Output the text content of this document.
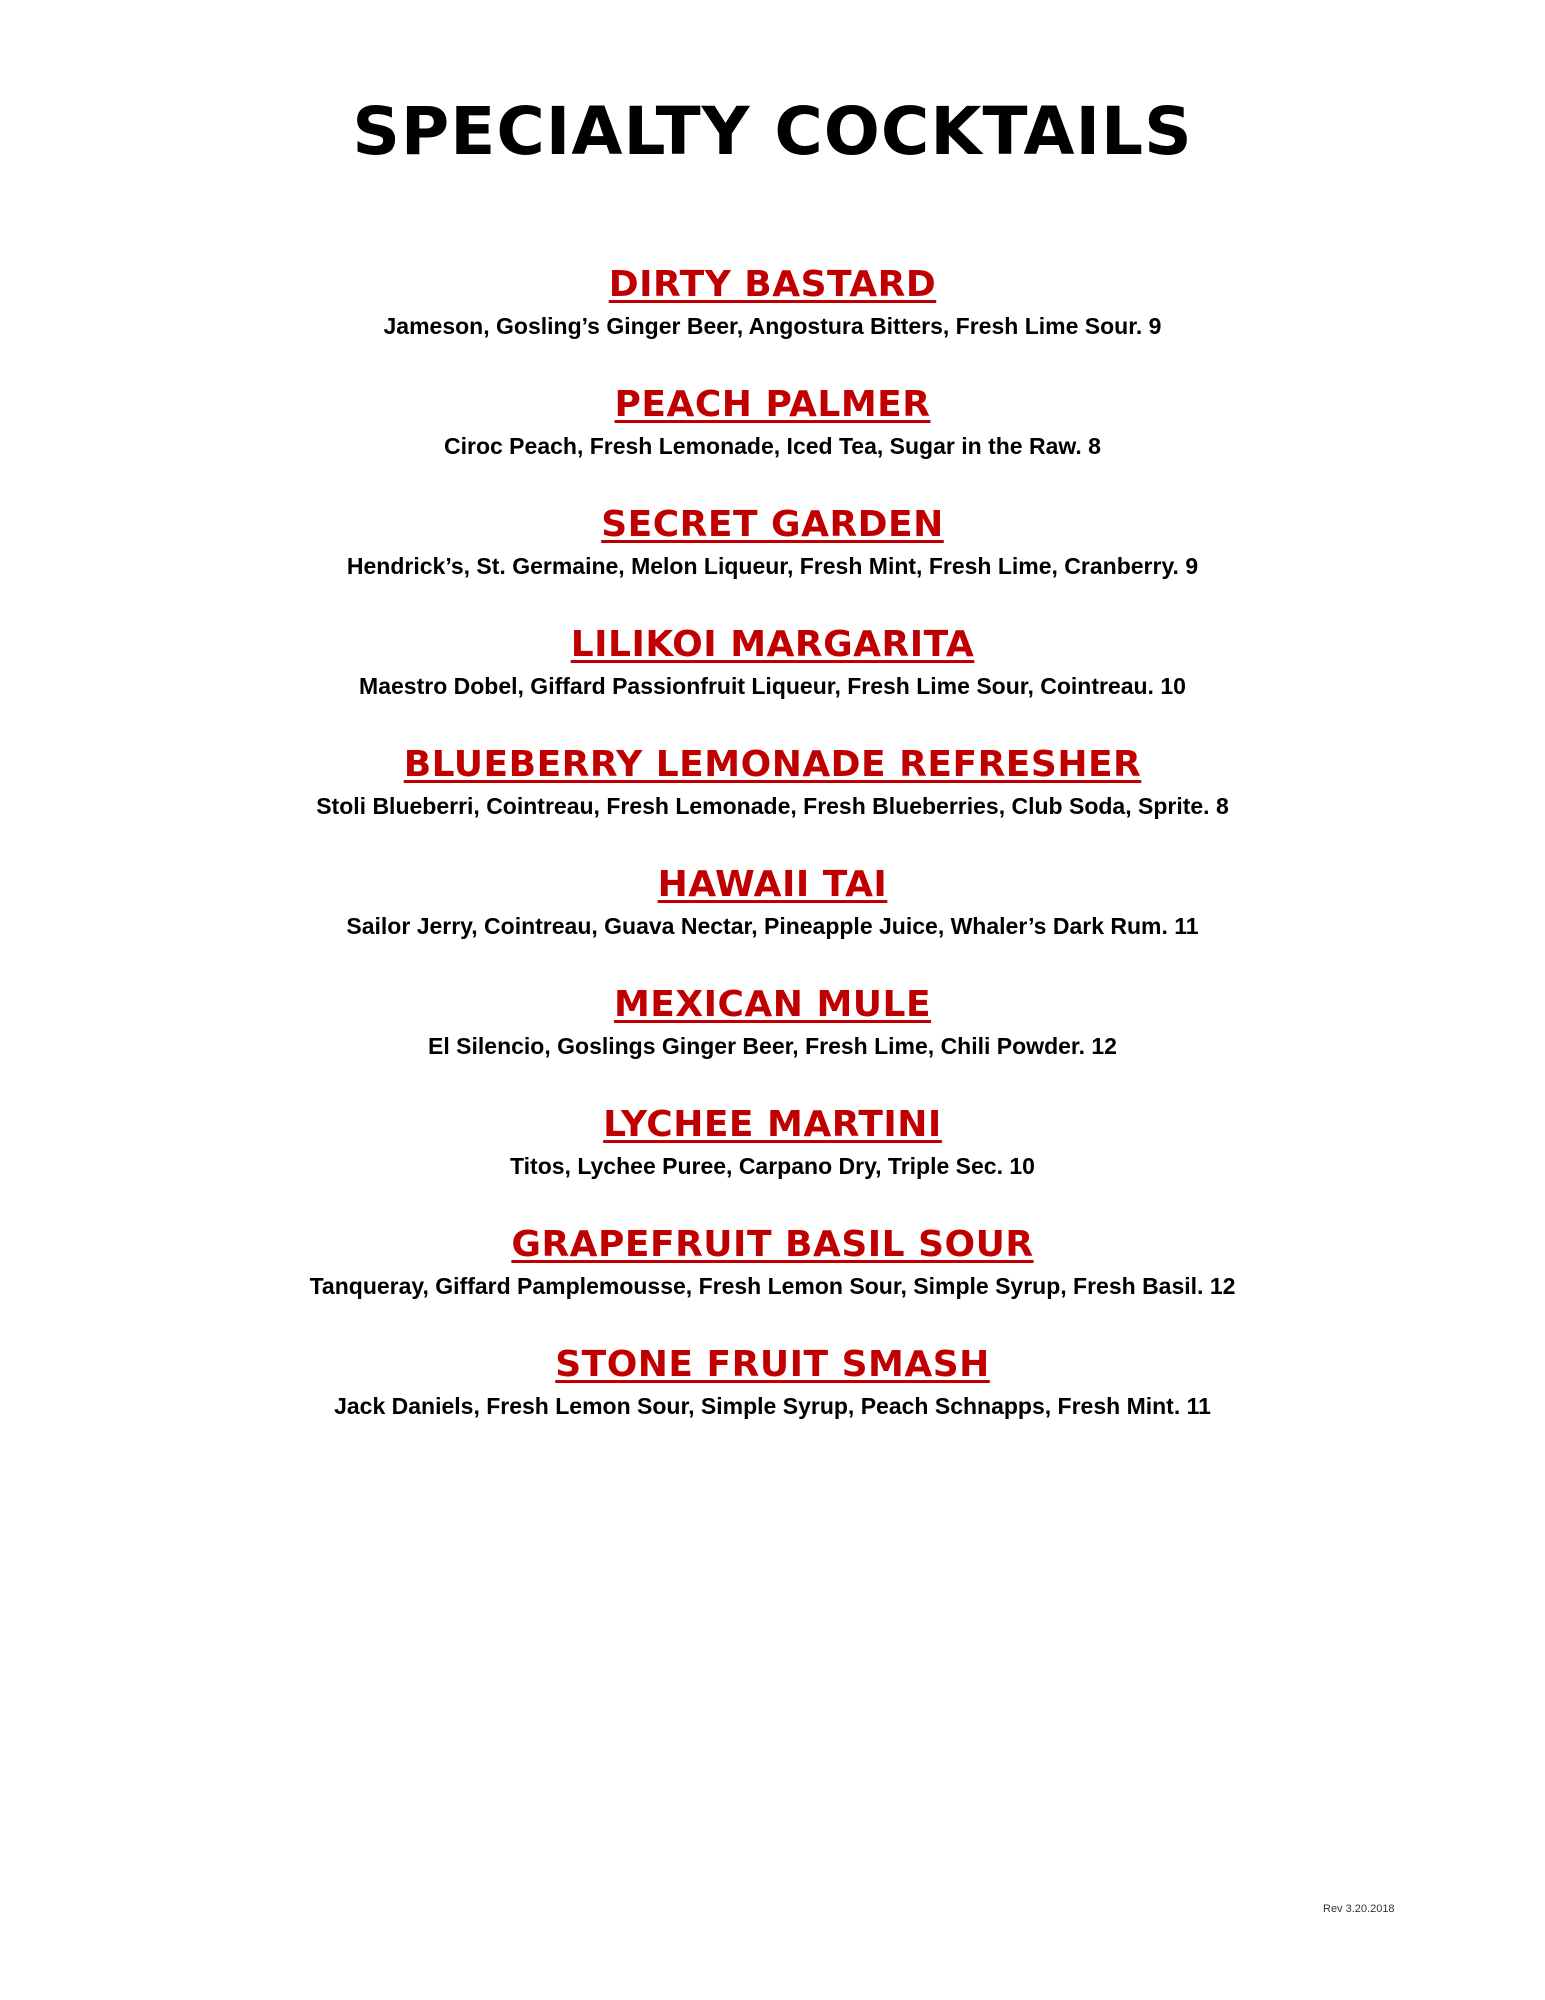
SPECIALTY COCKTAILS
DIRTY BASTARD
Jameson, Gosling’s Ginger Beer, Angostura Bitters, Fresh Lime Sour. 9
PEACH PALMER
Ciroc Peach, Fresh Lemonade, Iced Tea, Sugar in the Raw. 8
SECRET GARDEN
Hendrick’s, St. Germaine, Melon Liqueur, Fresh Mint, Fresh Lime, Cranberry. 9
LILIKOI MARGARITA
Maestro Dobel, Giffard Passionfruit Liqueur, Fresh Lime Sour, Cointreau. 10
BLUEBERRY LEMONADE REFRESHER
Stoli Blueberri, Cointreau, Fresh Lemonade, Fresh Blueberries, Club Soda, Sprite. 8
HAWAII TAI
Sailor Jerry, Cointreau, Guava Nectar, Pineapple Juice, Whaler’s Dark Rum. 11
MEXICAN MULE
El Silencio, Goslings Ginger Beer, Fresh Lime, Chili Powder. 12
LYCHEE MARTINI
Titos, Lychee Puree, Carpano Dry, Triple Sec. 10
GRAPEFRUIT BASIL SOUR
Tanqueray, Giffard Pamplemousse, Fresh Lemon Sour, Simple Syrup, Fresh Basil. 12
STONE FRUIT SMASH
Jack Daniels, Fresh Lemon Sour, Simple Syrup, Peach Schnapps, Fresh Mint. 11
Rev 3.20.2018
